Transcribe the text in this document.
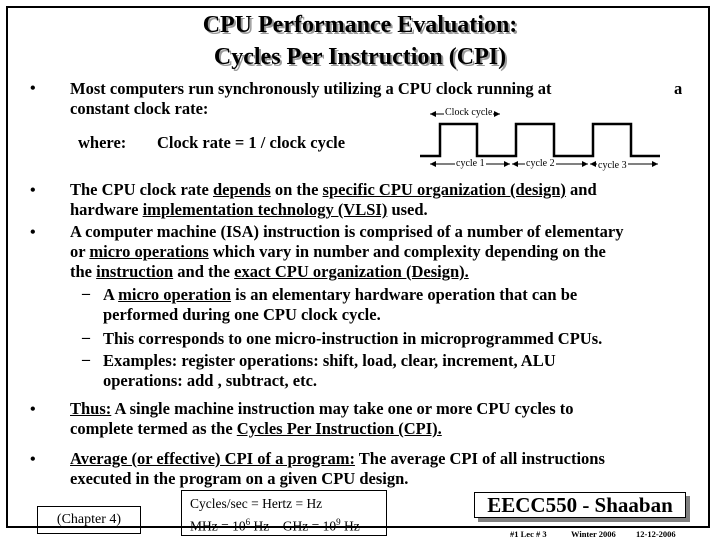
CPU Performance Evaluation:
Cycles Per Instruction (CPI)
• Most computers run synchronously utilizing a CPU clock running at	a
constant clock rate:
where: Clock rate = 1 / clock cycle
Clock cycle
cycle 1	cycle 2	cycle 3
• The CPU clock rate depends on the specific CPU organization (design) and
hardware implementation technology (VLSI) used.
• A computer machine (ISA) instruction is comprised of a number of elementary
or micro operations which vary in number and complexity depending on the
the instruction and the exact CPU organization (Design).
– A micro operation is an elementary hardware operation that can be
performed during one CPU clock cycle.
– This corresponds to one micro-instruction in microprogrammed CPUs.
– Examples: register operations: shift, load, clear, increment, ALU
operations: add , subtract, etc.
• Thus: A single machine instruction may take one or more CPU cycles to
complete termed as the Cycles Per Instruction (CPI).
• Average (or effective) CPI of a program: The average CPI of all instructions
executed in the program on a given CPU design.
(Chapter 4)
Cycles/sec = Hertz = Hz
MHz = $10^6$ Hz GHz = $10^9$ Hz
EECC550 - Shaaban
#1 Lec # 3	Winter 2006 12-12-2006
